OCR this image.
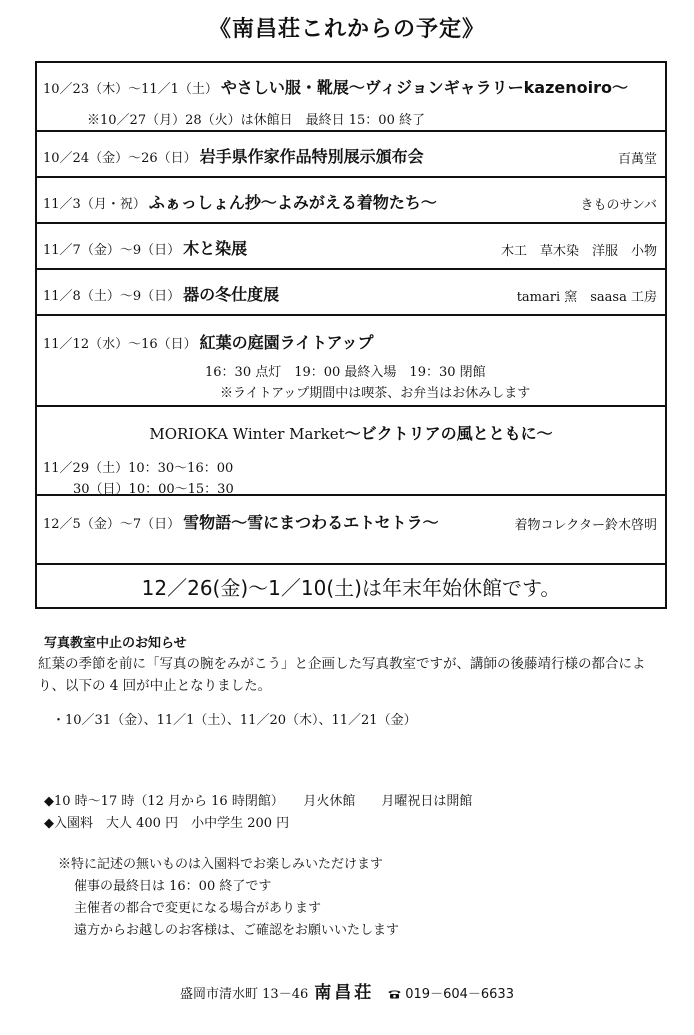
《南昌荘これからの予定》
10／23（木）～11／1（土） やさしい服・靴展～ヴィジョンギャラリーkazenoiro～
※10／27（月）28（火）は休館日　最終日 15：00 終了
10／24（金）～26（日） 岩手県作家作品特別展示頒布会	百萬堂
11／3（月・祝） ふぁっしょん抄～よみがえる着物たち～	きものサンバ
11／7（金）～9（日） 木と染展	木工　草木染　洋服　小物
11／8（土）～9（日） 器の冬仕度展	tamari 窯　saasa 工房
11／12（水）～16（日） 紅葉の庭園ライトアップ
16：30 点灯　19：00 最終入場　19：30 閉館
※ライトアップ期間中は喫茶、お弁当はお休みします
MORIOKA Winter Market～ビクトリアの風とともに～
11／29（土）10：30～16：00
30（日）10：00～15：30
12／5（金）～7（日） 雪物語～雪にまつわるエトセトラ～	着物コレクター鈴木啓明
12／26(金)～1／10(土)は年末年始休館です。
写真教室中止のお知らせ
紅葉の季節を前に「写真の腕をみがこう」と企画した写真教室ですが、講師の後藤靖行様の都合により、以下の 4 回が中止となりました。
・10／31（金）、11／1（土）、11／20（木）、11／21（金）
◆10 時～17 時（12 月から 16 時閉館）　　月火休館　　月曜祝日は開館
◆入園料　大人 400 円　小中学生 200 円
※特に記述の無いものは入園料でお楽しみいただけます
催事の最終日は 16：00 終了です
主催者の都合で変更になる場合があります
遠方からお越しのお客様は、ご確認をお願いいたします
盛岡市清水町 13－46 南昌荘 019－604－6633
